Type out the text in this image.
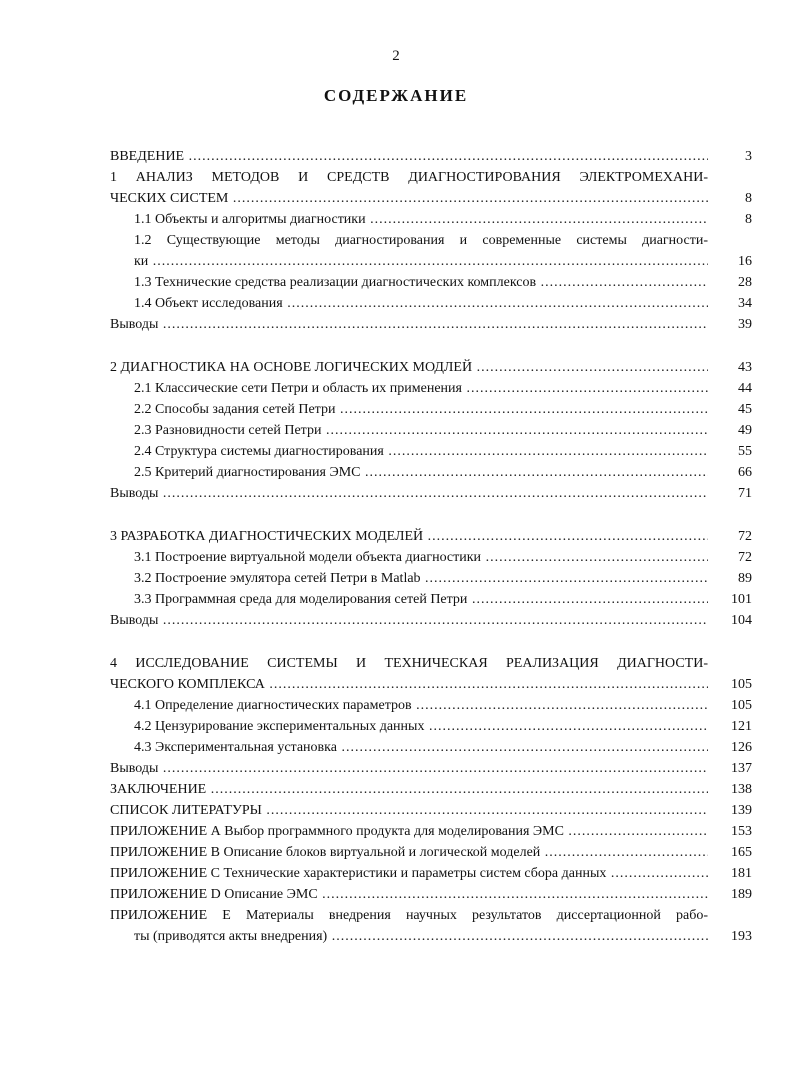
2
СОДЕРЖАНИЕ
ВВЕДЕНИЕ .....	3
1 АНАЛИЗ МЕТОДОВ И СРЕДСТВ ДИАГНОСТИРОВАНИЯ ЭЛЕКТРОМЕХАНИ-
ЧЕСКИХ СИСТЕМ .....	8
1.1 Объекты и алгоритмы диагностики .....	8
1.2 Существующие методы диагностирования и современные системы диагности-
ки .....	16
1.3 Технические средства реализации диагностических комплексов .....	28
1.4 Объект исследования .....	34
Выводы .....	39
2 ДИАГНОСТИКА НА ОСНОВЕ ЛОГИЧЕСКИХ МОДЛЕЙ .....	43
2.1 Классические сети Петри и область их применения .....	44
2.2 Способы задания сетей Петри .....	45
2.3 Разновидности сетей Петри .....	49
2.4 Структура системы диагностирования .....	55
2.5 Критерий диагностирования ЭМС .....	66
Выводы .....	71
3 РАЗРАБОТКА ДИАГНОСТИЧЕСКИХ МОДЕЛЕЙ .....	72
3.1 Построение виртуальной модели объекта диагностики .....	72
3.2 Построение эмулятора сетей Петри в Matlab .....	89
3.3 Программная среда для моделирования сетей Петри .....	101
Выводы .....	104
4 ИССЛЕДОВАНИЕ СИСТЕМЫ И ТЕХНИЧЕСКАЯ РЕАЛИЗАЦИЯ ДИАГНОСТИ-
ЧЕСКОГО КОМПЛЕКСА .....	105
4.1 Определение диагностических параметров .....	105
4.2 Цензурирование экспериментальных данных .....	121
4.3 Экспериментальная установка .....	126
Выводы .....	137
ЗАКЛЮЧЕНИЕ .....	138
СПИСОК ЛИТЕРАТУРЫ .....	139
ПРИЛОЖЕНИЕ А Выбор программного продукта для моделирования ЭМС .....	153
ПРИЛОЖЕНИЕ В Описание блоков виртуальной и логической моделей .....	165
ПРИЛОЖЕНИЕ С Технические характеристики и параметры систем сбора данных .....	181
ПРИЛОЖЕНИЕ D Описание ЭМС .....	189
ПРИЛОЖЕНИЕ Е Материалы внедрения научных результатов диссертационной рабо-
ты (приводятся акты внедрения) .....	193
